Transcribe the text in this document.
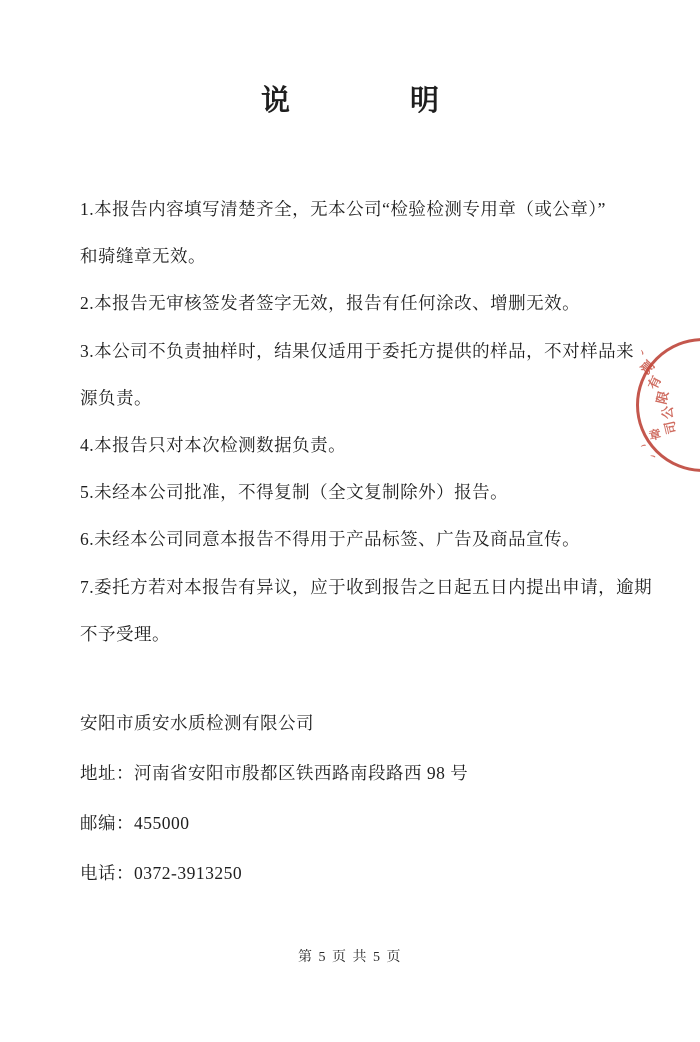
说	明
1.本报告内容填写清楚齐全，无本公司“检验检测专用章（或公章）”
和骑缝章无效。
2.本报告无审核签发者签字无效，报告有任何涂改、增删无效。
3.本公司不负责抽样时，结果仅适用于委托方提供的样品，不对样品来
源负责。
4.本报告只对本次检测数据负责。
5.未经本公司批准，不得复制（全文复制除外）报告。
6.未经本公司同意本报告不得用于产品标签、广告及商品宣传。
7.委托方若对本报告有异议，应于收到报告之日起五日内提出申请，逾期
不予受理。
安阳市质安水质检测有限公司
地址：河南省安阳市殷都区铁西路南段路西 98 号
邮编：455000
电话：0372-3913250
第 5 页 共 5 页
测
有
限
公
司
章
丶
丶
丶
